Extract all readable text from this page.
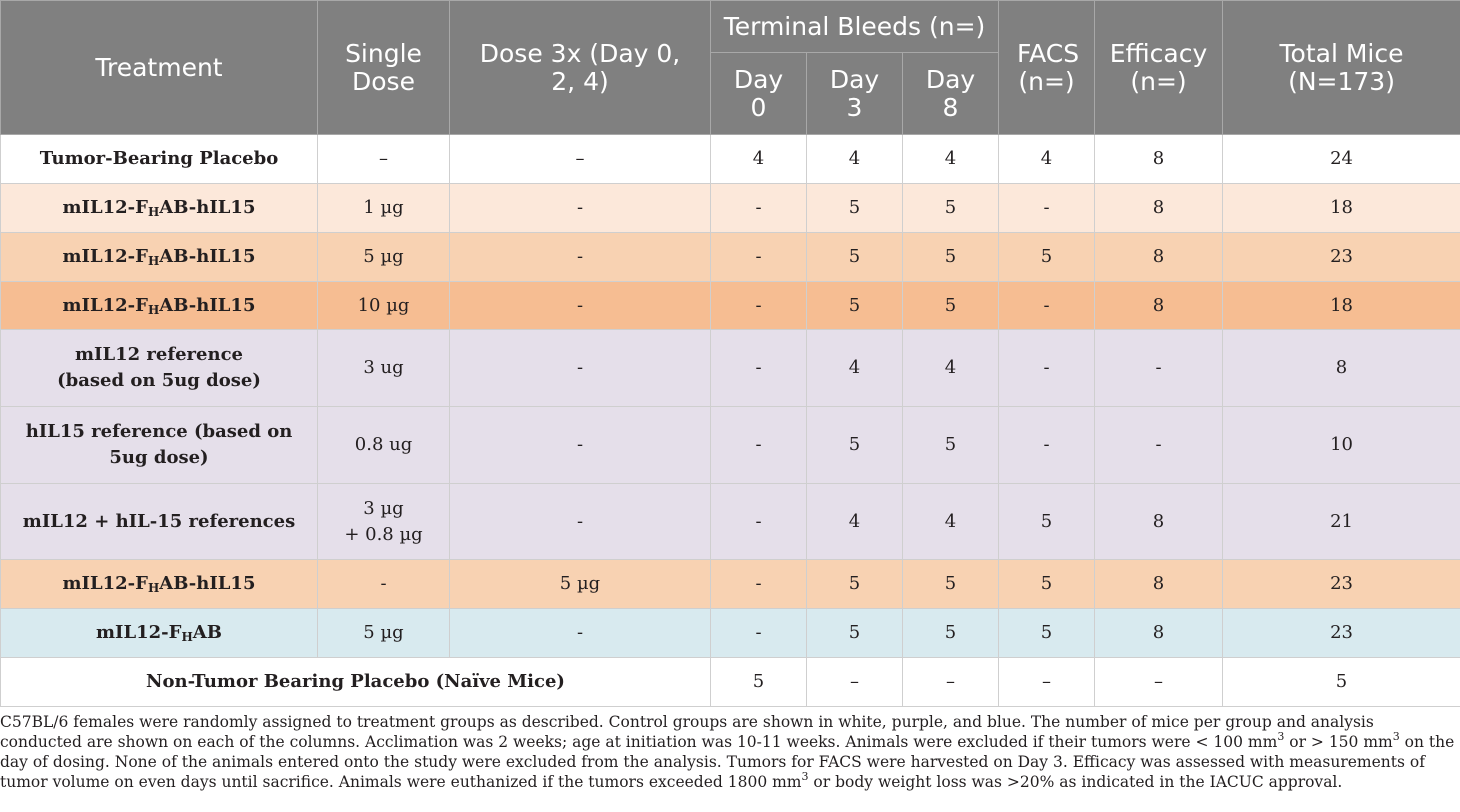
Treatment	Single Dose	Dose 3x (Day 0, 2, 4)	Terminal Bleeds (n=)			FACS (n=)	Efficacy (n=)	Total Mice (N=173)
			Day 0	Day 3	Day 8			
Tumor-Bearing Placebo	–	–	4	4	4	4	8	24
$mIL12-F_HAB-hIL15$	1 µg	-	-	5	5	-	8	18
$mIL12-F_HAB-hIL15$	5 µg	-	-	5	5	5	8	23
$mIL12-F_HAB-hIL15$	10 µg	-	-	5	5	-	8	18
mIL12 reference
(based on 5ug dose)	3 ug	-	-	4	4	-	-	8
hIL15 reference (based on
5ug dose)	0.8 ug	-	-	5	5	-	-	10
mIL12 + hIL-15 references	3 µg
+ 0.8 µg	-	-	4	4	5	8	21
$mIL12-F_HAB-hIL15$	-	5 µg	-	5	5	5	8	23
$mIL12-F_HAB$	5 µg	-	-	5	5	5	8	23
Non-Tumor Bearing Placebo (Naïve Mice)			5	–	–	–	–	5

C57BL/6 females were randomly assigned to treatment groups as described. Control groups are shown in white, purple, and blue. The number of mice per group and analysis conducted are shown on each of the columns. Acclimation was 2 weeks; age at initiation was 10-11 weeks. Animals were excluded if their tumors were < 100 $mm^3$ or > 150 $mm^3$ on the day of dosing. None of the animals entered onto the study were excluded from the analysis. Tumors for FACS were harvested on Day 3. Efficacy was assessed with measurements of tumor volume on even days until sacrifice. Animals were euthanized if the tumors exceeded 1800 $mm^3$ or body weight loss was >20% as indicated in the IACUC approval.
